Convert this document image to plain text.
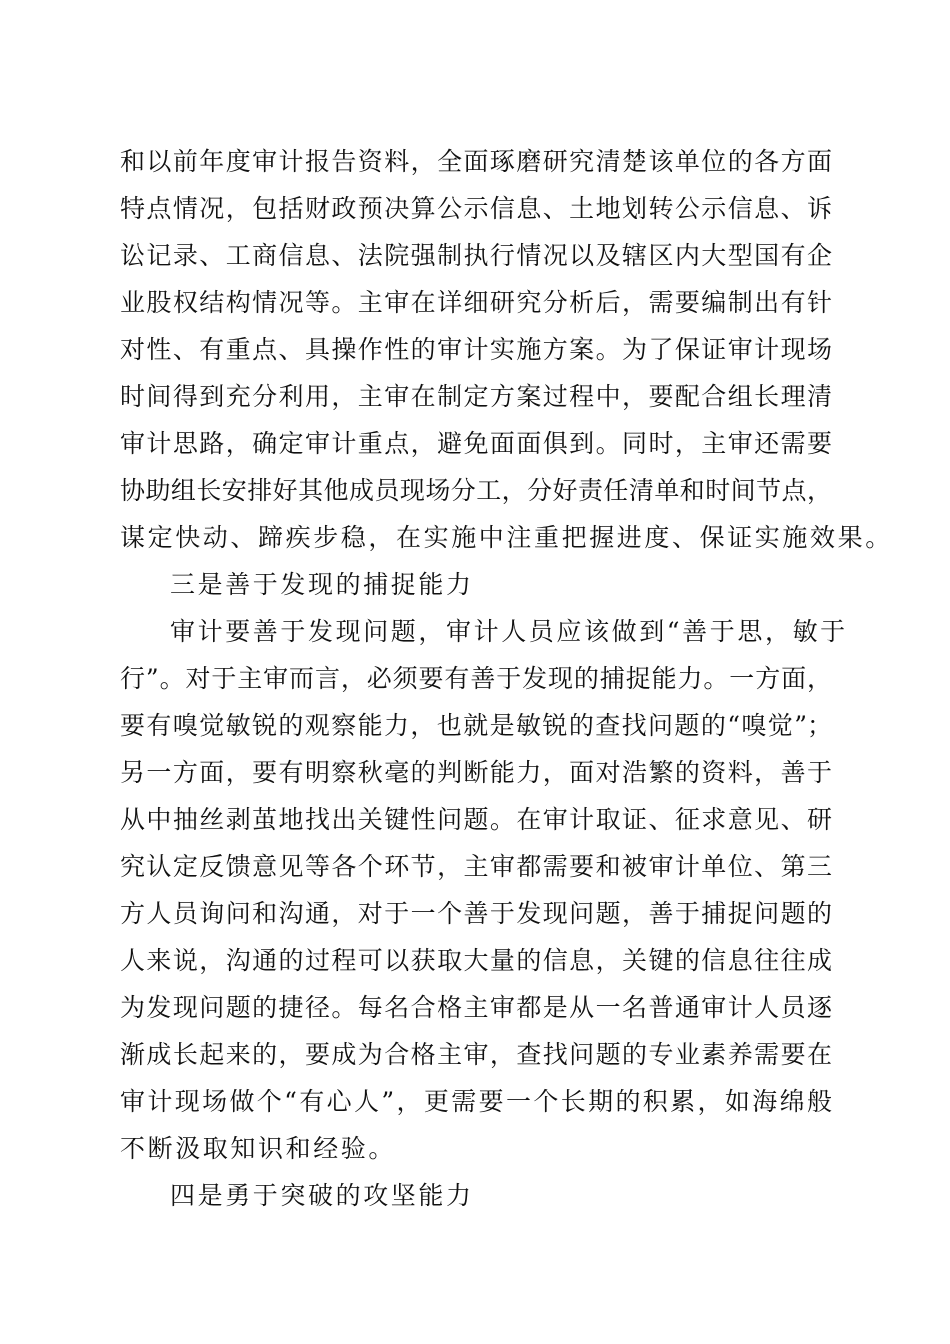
和以前年度审计报告资料，全面琢磨研究清楚该单位的各方面
特点情况，包括财政预决算公示信息、土地划转公示信息、诉
讼记录、工商信息、法院强制执行情况以及辖区内大型国有企
业股权结构情况等。主审在详细研究分析后，需要编制出有针
对性、有重点、具操作性的审计实施方案。为了保证审计现场
时间得到充分利用，主审在制定方案过程中，要配合组长理清
审计思路，确定审计重点，避免面面俱到。同时，主审还需要
协助组长安排好其他成员现场分工，分好责任清单和时间节点，
谋定快动、蹄疾步稳，在实施中注重把握进度、保证实施效果。
三是善于发现的捕捉能力
审计要善于发现问题，审计人员应该做到“善于思，敏于
行”。对于主审而言，必须要有善于发现的捕捉能力。一方面，
要有嗅觉敏锐的观察能力，也就是敏锐的查找问题的“嗅觉”；
另一方面，要有明察秋毫的判断能力，面对浩繁的资料，善于
从中抽丝剥茧地找出关键性问题。在审计取证、征求意见、研
究认定反馈意见等各个环节，主审都需要和被审计单位、第三
方人员询问和沟通，对于一个善于发现问题，善于捕捉问题的
人来说，沟通的过程可以获取大量的信息，关键的信息往往成
为发现问题的捷径。每名合格主审都是从一名普通审计人员逐
渐成长起来的，要成为合格主审，查找问题的专业素养需要在
审计现场做个“有心人”，更需要一个长期的积累，如海绵般
不断汲取知识和经验。
四是勇于突破的攻坚能力
